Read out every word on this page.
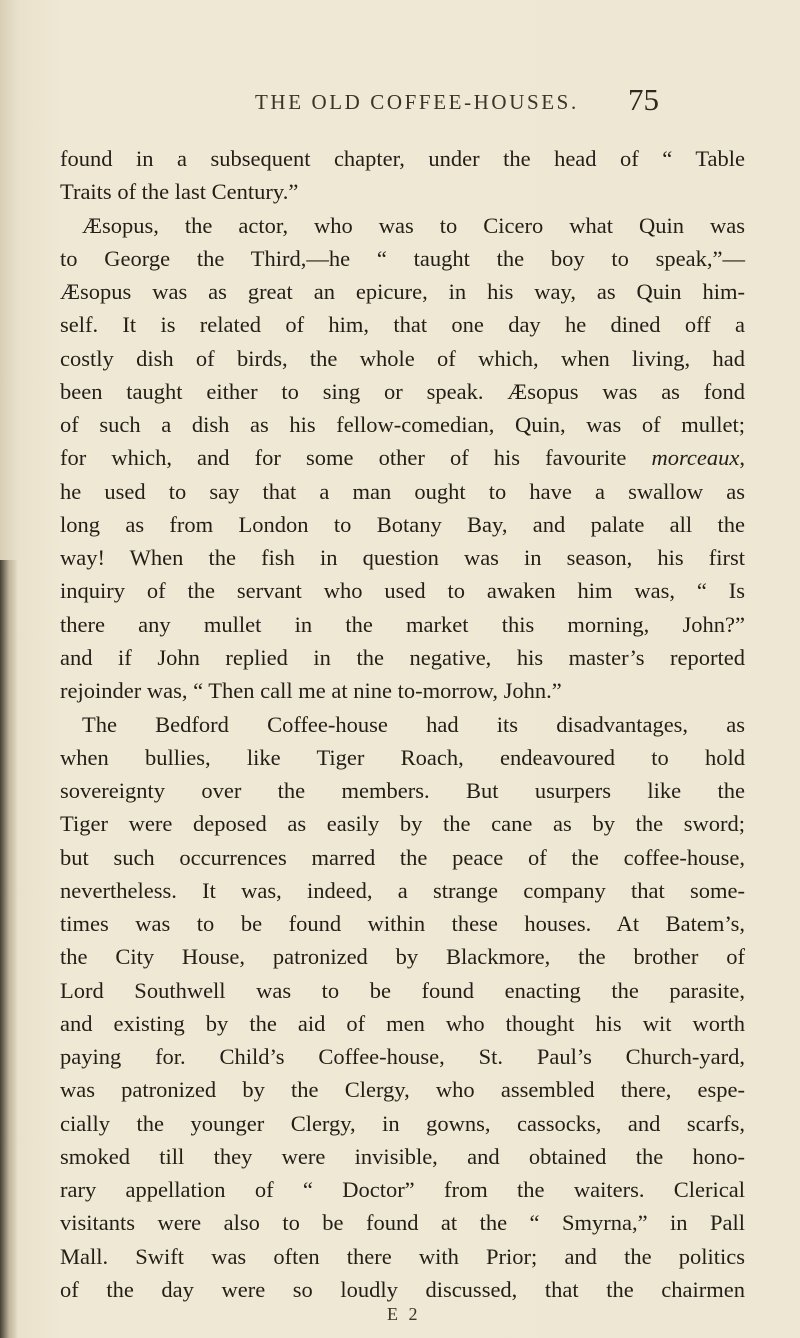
THE OLD COFFEE-HOUSES. 75
found in a subsequent chapter, under the head of “ Table
Traits of the last Century.”
Æsopus, the actor, who was to Cicero what Quin was
to George the Third,—he “ taught the boy to speak,”—
Æsopus was as great an epicure, in his way, as Quin him-
self. It is related of him, that one day he dined off a
costly dish of birds, the whole of which, when living, had
been taught either to sing or speak. Æsopus was as fond
of such a dish as his fellow-comedian, Quin, was of mullet;
for which, and for some other of his favourite morceaux,
he used to say that a man ought to have a swallow as
long as from London to Botany Bay, and palate all the
way! When the fish in question was in season, his first
inquiry of the servant who used to awaken him was, “ Is
there any mullet in the market this morning, John?”
and if John replied in the negative, his master’s reported
rejoinder was, “ Then call me at nine to-morrow, John.”
The Bedford Coffee-house had its disadvantages, as
when bullies, like Tiger Roach, endeavoured to hold
sovereignty over the members. But usurpers like the
Tiger were deposed as easily by the cane as by the sword;
but such occurrences marred the peace of the coffee-house,
nevertheless. It was, indeed, a strange company that some-
times was to be found within these houses. At Batem’s,
the City House, patronized by Blackmore, the brother of
Lord Southwell was to be found enacting the parasite,
and existing by the aid of men who thought his wit worth
paying for. Child’s Coffee-house, St. Paul’s Church-yard,
was patronized by the Clergy, who assembled there, espe-
cially the younger Clergy, in gowns, cassocks, and scarfs,
smoked till they were invisible, and obtained the hono-
rary appellation of “ Doctor” from the waiters. Clerical
visitants were also to be found at the “ Smyrna,” in Pall
Mall. Swift was often there with Prior; and the politics
of the day were so loudly discussed, that the chairmen
E 2
